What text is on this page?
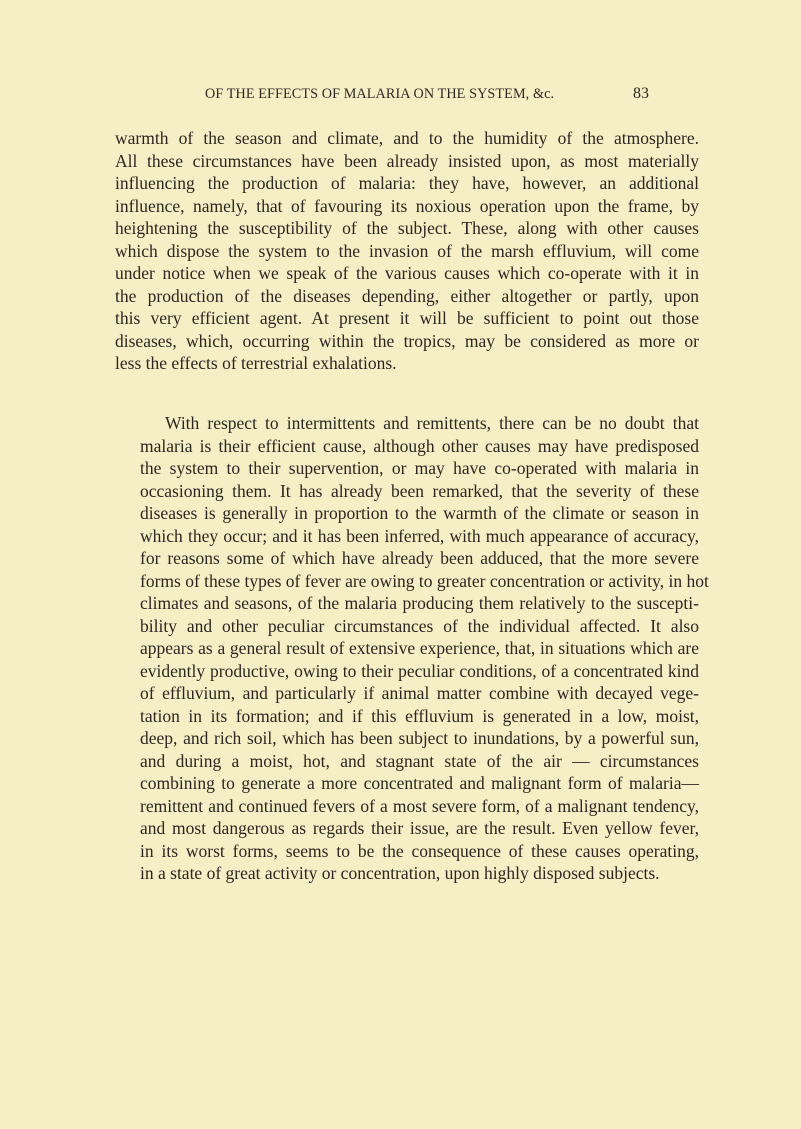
OF THE EFFECTS OF MALARIA ON THE SYSTEM, &c.	83

warmth of the season and climate, and to the humidity of the atmosphere.
All these circumstances have been already insisted upon, as most materially
influencing the production of malaria: they have, however, an additional
influence, namely, that of favouring its noxious operation upon the frame, by
heightening the susceptibility of the subject. These, along with other causes
which dispose the system to the invasion of the marsh effluvium, will come
under notice when we speak of the various causes which co-operate with it in
the production of the diseases depending, either altogether or partly, upon
this very efficient agent. At present it will be sufficient to point out those
diseases, which, occurring within the tropics, may be considered as more or
less the effects of terrestrial exhalations.

With respect to intermittents and remittents, there can be no doubt that
malaria is their efficient cause, although other causes may have predisposed
the system to their supervention, or may have co-operated with malaria in
occasioning them. It has already been remarked, that the severity of these
diseases is generally in proportion to the warmth of the climate or season in
which they occur; and it has been inferred, with much appearance of accuracy,
for reasons some of which have already been adduced, that the more severe
forms of these types of fever are owing to greater concentration or activity, in hot
climates and seasons, of the malaria producing them relatively to the suscepti-
bility and other peculiar circumstances of the individual affected. It also
appears as a general result of extensive experience, that, in situations which are
evidently productive, owing to their peculiar conditions, of a concentrated kind
of effluvium, and particularly if animal matter combine with decayed vege-
tation in its formation; and if this effluvium is generated in a low, moist,
deep, and rich soil, which has been subject to inundations, by a powerful sun,
and during a moist, hot, and stagnant state of the air — circumstances
combining to generate a more concentrated and malignant form of malaria—
remittent and continued fevers of a most severe form, of a malignant tendency,
and most dangerous as regards their issue, are the result. Even yellow fever,
in its worst forms, seems to be the consequence of these causes operating,
in a state of great activity or concentration, upon highly disposed subjects.
